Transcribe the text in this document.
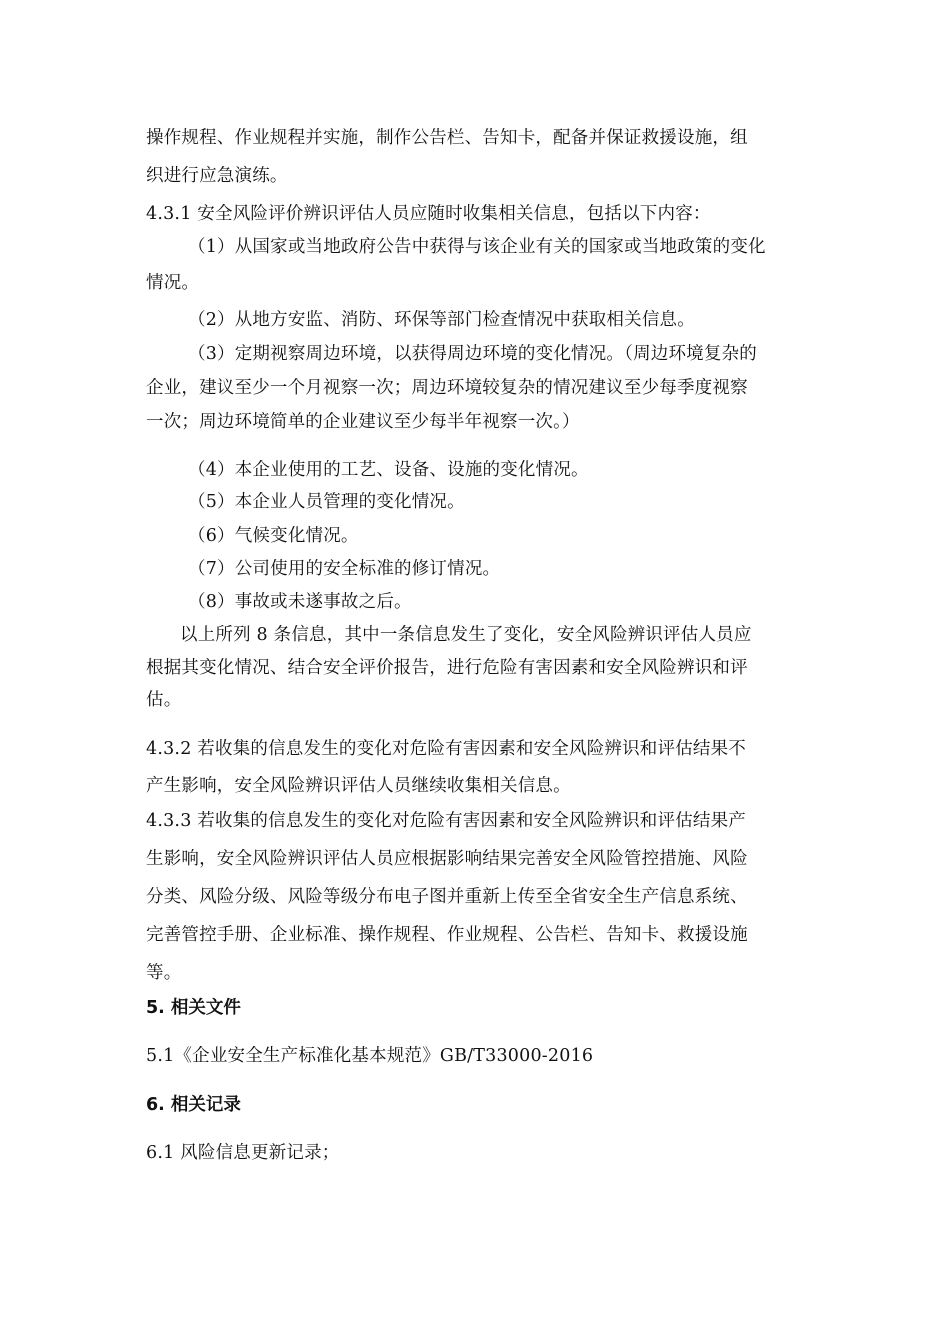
操作规程、作业规程并实施，制作公告栏、告知卡，配备并保证救援设施，组
织进行应急演练。
4.3.1 安全风险评价辨识评估人员应随时收集相关信息，包括以下内容：
（1）从国家或当地政府公告中获得与该企业有关的国家或当地政策的变化
情况。
（2）从地方安监、消防、环保等部门检查情况中获取相关信息。
（3）定期视察周边环境，以获得周边环境的变化情况。（周边环境复杂的
企业，建议至少一个月视察一次；周边环境较复杂的情况建议至少每季度视察
一次；周边环境简单的企业建议至少每半年视察一次。）
（4）本企业使用的工艺、设备、设施的变化情况。
（5）本企业人员管理的变化情况。
（6）气候变化情况。
（7）公司使用的安全标准的修订情况。
（8）事故或未遂事故之后。
以上所列 8 条信息，其中一条信息发生了变化，安全风险辨识评估人员应
根据其变化情况、结合安全评价报告，进行危险有害因素和安全风险辨识和评
估。
4.3.2 若收集的信息发生的变化对危险有害因素和安全风险辨识和评估结果不
产生影响，安全风险辨识评估人员继续收集相关信息。
4.3.3 若收集的信息发生的变化对危险有害因素和安全风险辨识和评估结果产
生影响，安全风险辨识评估人员应根据影响结果完善安全风险管控措施、风险
分类、风险分级、风险等级分布电子图并重新上传至全省安全生产信息系统、
完善管控手册、企业标准、操作规程、作业规程、公告栏、告知卡、救援设施
等。
5. 相关文件
5.1《企业安全生产标准化基本规范》GB/T33000-2016
6. 相关记录
6.1 风险信息更新记录；
